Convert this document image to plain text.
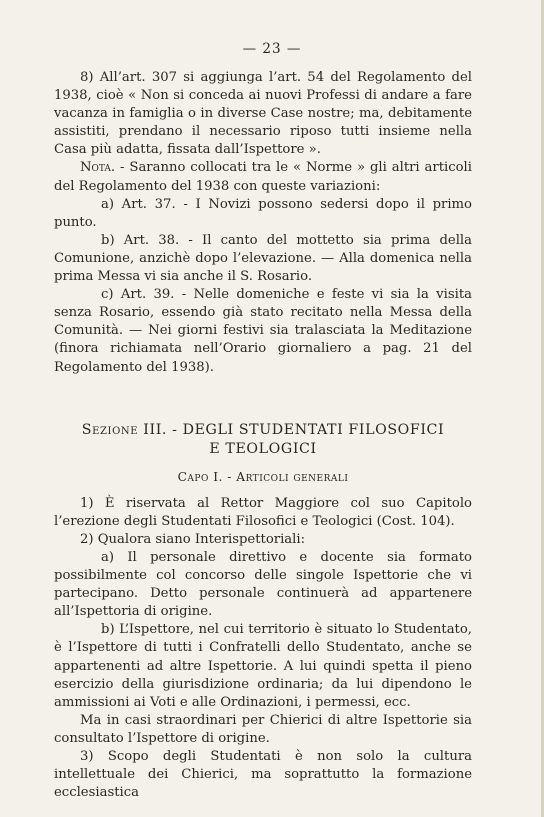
— 23 —

8) All’art. 307 si aggiunga l’art. 54 del Regolamento del 1938, cioè « Non si conceda ai nuovi Professi di andare a fare vacanza in famiglia o in diverse Case nostre; ma, debitamente assistiti, prendano il necessario riposo tutti insieme nella Casa più adatta, fissata dall’Ispettore ».

Nota. - Saranno collocati tra le « Norme » gli altri articoli del Regolamento del 1938 con queste variazioni:

a) Art. 37. - I Novizi possono sedersi dopo il primo punto.

b) Art. 38. - Il canto del mottetto sia prima della Comunione, anzichè dopo l’elevazione. — Alla domenica nella prima Messa vi sia anche il S. Rosario.

c) Art. 39. - Nelle domeniche e feste vi sia la visita senza Rosario, essendo già stato recitato nella Messa della Comunità. — Nei giorni festivi sia tralasciata la Meditazione (finora richiamata nell’Orario giornaliero a pag. 21 del Regolamento del 1938).

Sezione III. - DEGLI STUDENTATI FILOSOFICI
E TEOLOGICI
Capo I. - Articoli generali

1) È riservata al Rettor Maggiore col suo Capitolo l’erezione degli Studentati Filosofici e Teologici (Cost. 104).

2) Qualora siano Interispettoriali:

a) Il personale direttivo e docente sia formato possibilmente col concorso delle singole Ispettorie che vi partecipano. Detto personale continuerà ad appartenere all’Ispettoria di origine.

b) L’Ispettore, nel cui territorio è situato lo Studentato, è l’Ispettore di tutti i Confratelli dello Studentato, anche se appartenenti ad altre Ispettorie. A lui quindi spetta il pieno esercizio della giurisdizione ordinaria; da lui dipendono le ammissioni ai Voti e alle Ordinazioni, i permessi, ecc.

Ma in casi straordinari per Chierici di altre Ispettorie sia consultato l’Ispettore di origine.

3) Scopo degli Studentati è non solo la cultura intellettuale dei Chierici, ma soprattutto la formazione ecclesiastica
